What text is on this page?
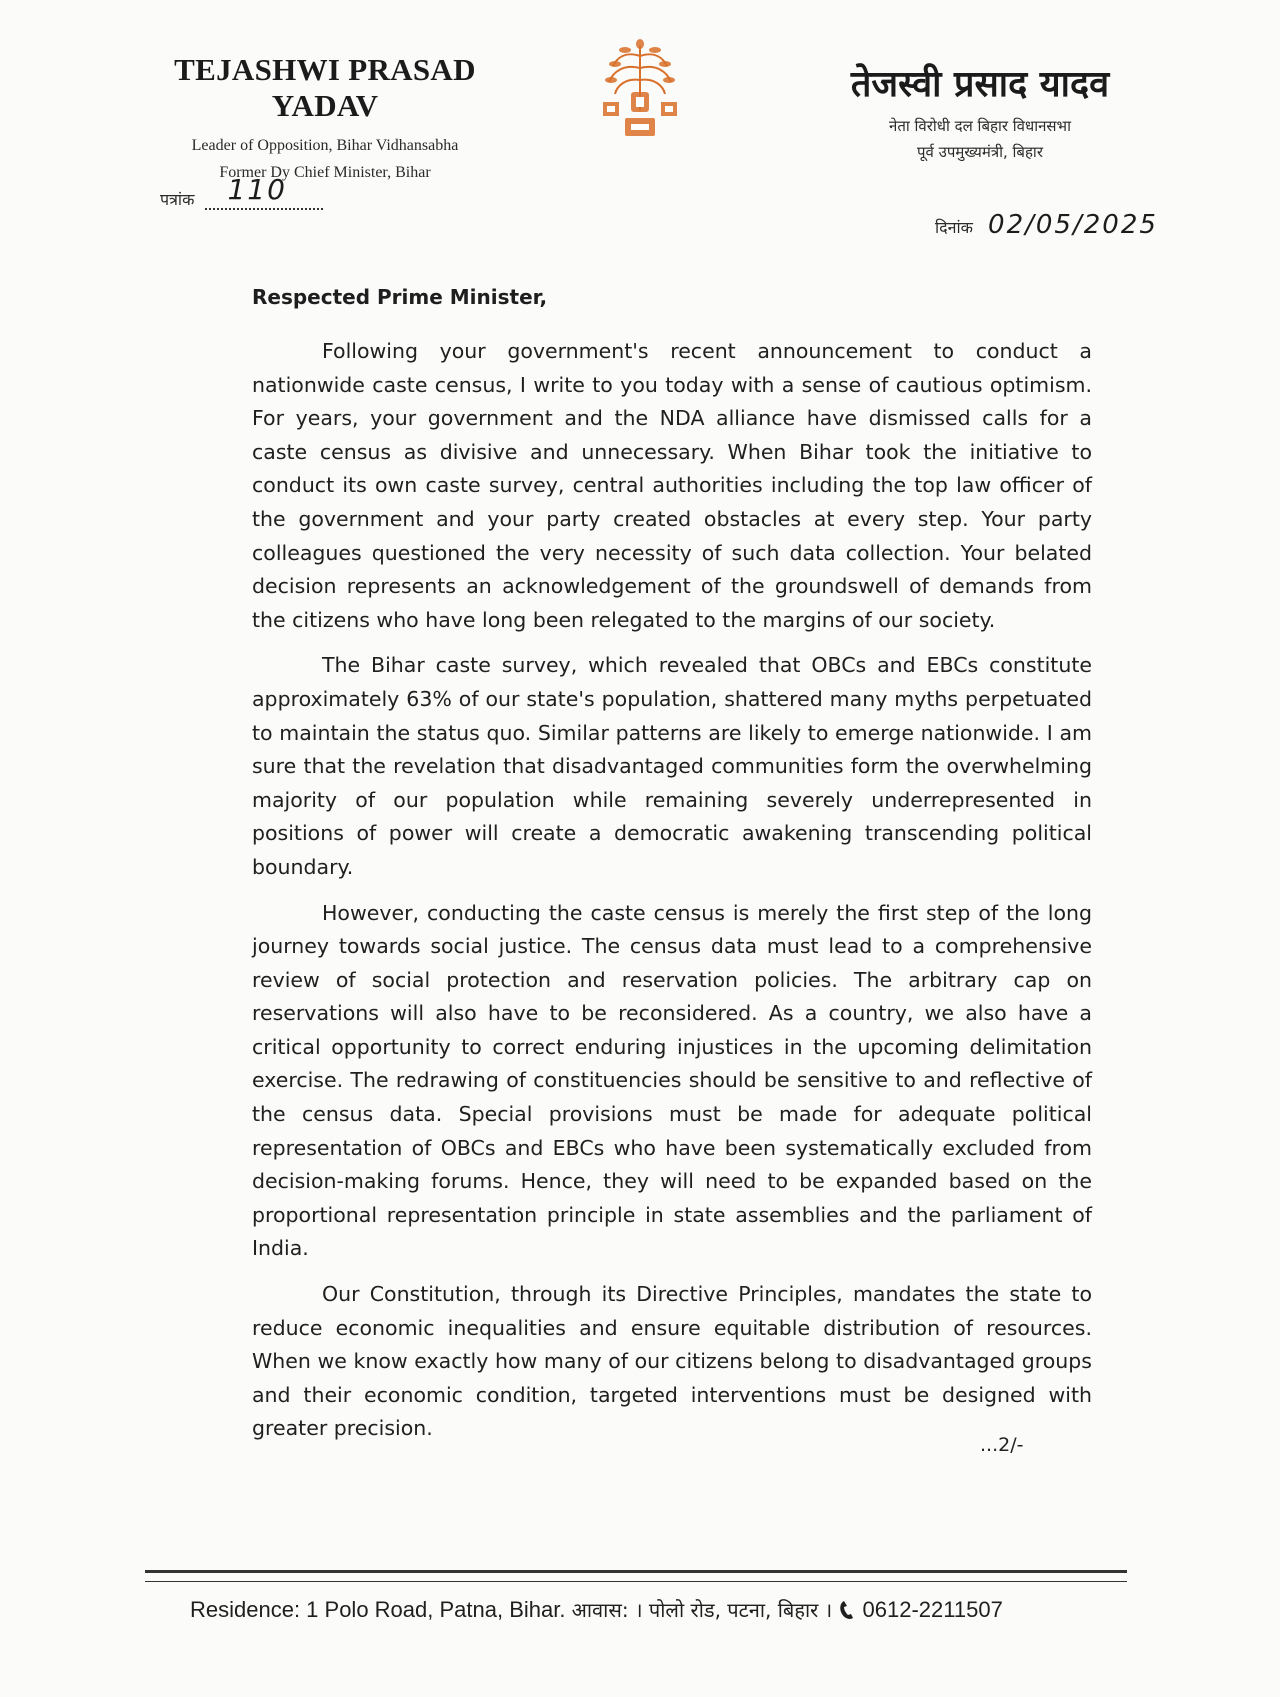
TEJASHWI PRASAD YADAV
Leader of Opposition, Bihar Vidhansabha
Former Dy Chief Minister, Bihar
तेजस्वी प्रसाद यादव
नेता विरोधी दल बिहार विधानसभा
पूर्व उपमुख्यमंत्री, बिहार
पत्रांक 110
दिनांक 02/05/2025
Respected Prime Minister,

Following your government's recent announcement to conduct a nationwide caste census, I write to you today with a sense of cautious optimism. For years, your government and the NDA alliance have dismissed calls for a caste census as divisive and unnecessary. When Bihar took the initiative to conduct its own caste survey, central authorities including the top law officer of the government and your party created obstacles at every step. Your party colleagues questioned the very necessity of such data collection. Your belated decision represents an acknowledgement of the groundswell of demands from the citizens who have long been relegated to the margins of our society.

The Bihar caste survey, which revealed that OBCs and EBCs constitute approximately 63% of our state's population, shattered many myths perpetuated to maintain the status quo. Similar patterns are likely to emerge nationwide. I am sure that the revelation that disadvantaged communities form the overwhelming majority of our population while remaining severely underrepresented in positions of power will create a democratic awakening transcending political boundary.

However, conducting the caste census is merely the first step of the long journey towards social justice. The census data must lead to a comprehensive review of social protection and reservation policies. The arbitrary cap on reservations will also have to be reconsidered. As a country, we also have a critical opportunity to correct enduring injustices in the upcoming delimitation exercise. The redrawing of constituencies should be sensitive to and reflective of the census data. Special provisions must be made for adequate political representation of OBCs and EBCs who have been systematically excluded from decision-making forums. Hence, they will need to be expanded based on the proportional representation principle in state assemblies and the parliament of India.

Our Constitution, through its Directive Principles, mandates the state to reduce economic inequalities and ensure equitable distribution of resources. When we know exactly how many of our citizens belong to disadvantaged groups and their economic condition, targeted interventions must be designed with greater precision.

...2/-
Residence: 1 Polo Road, Patna, Bihar. आवास: । पोलो रोड, पटना, बिहार । 0612-2211507
